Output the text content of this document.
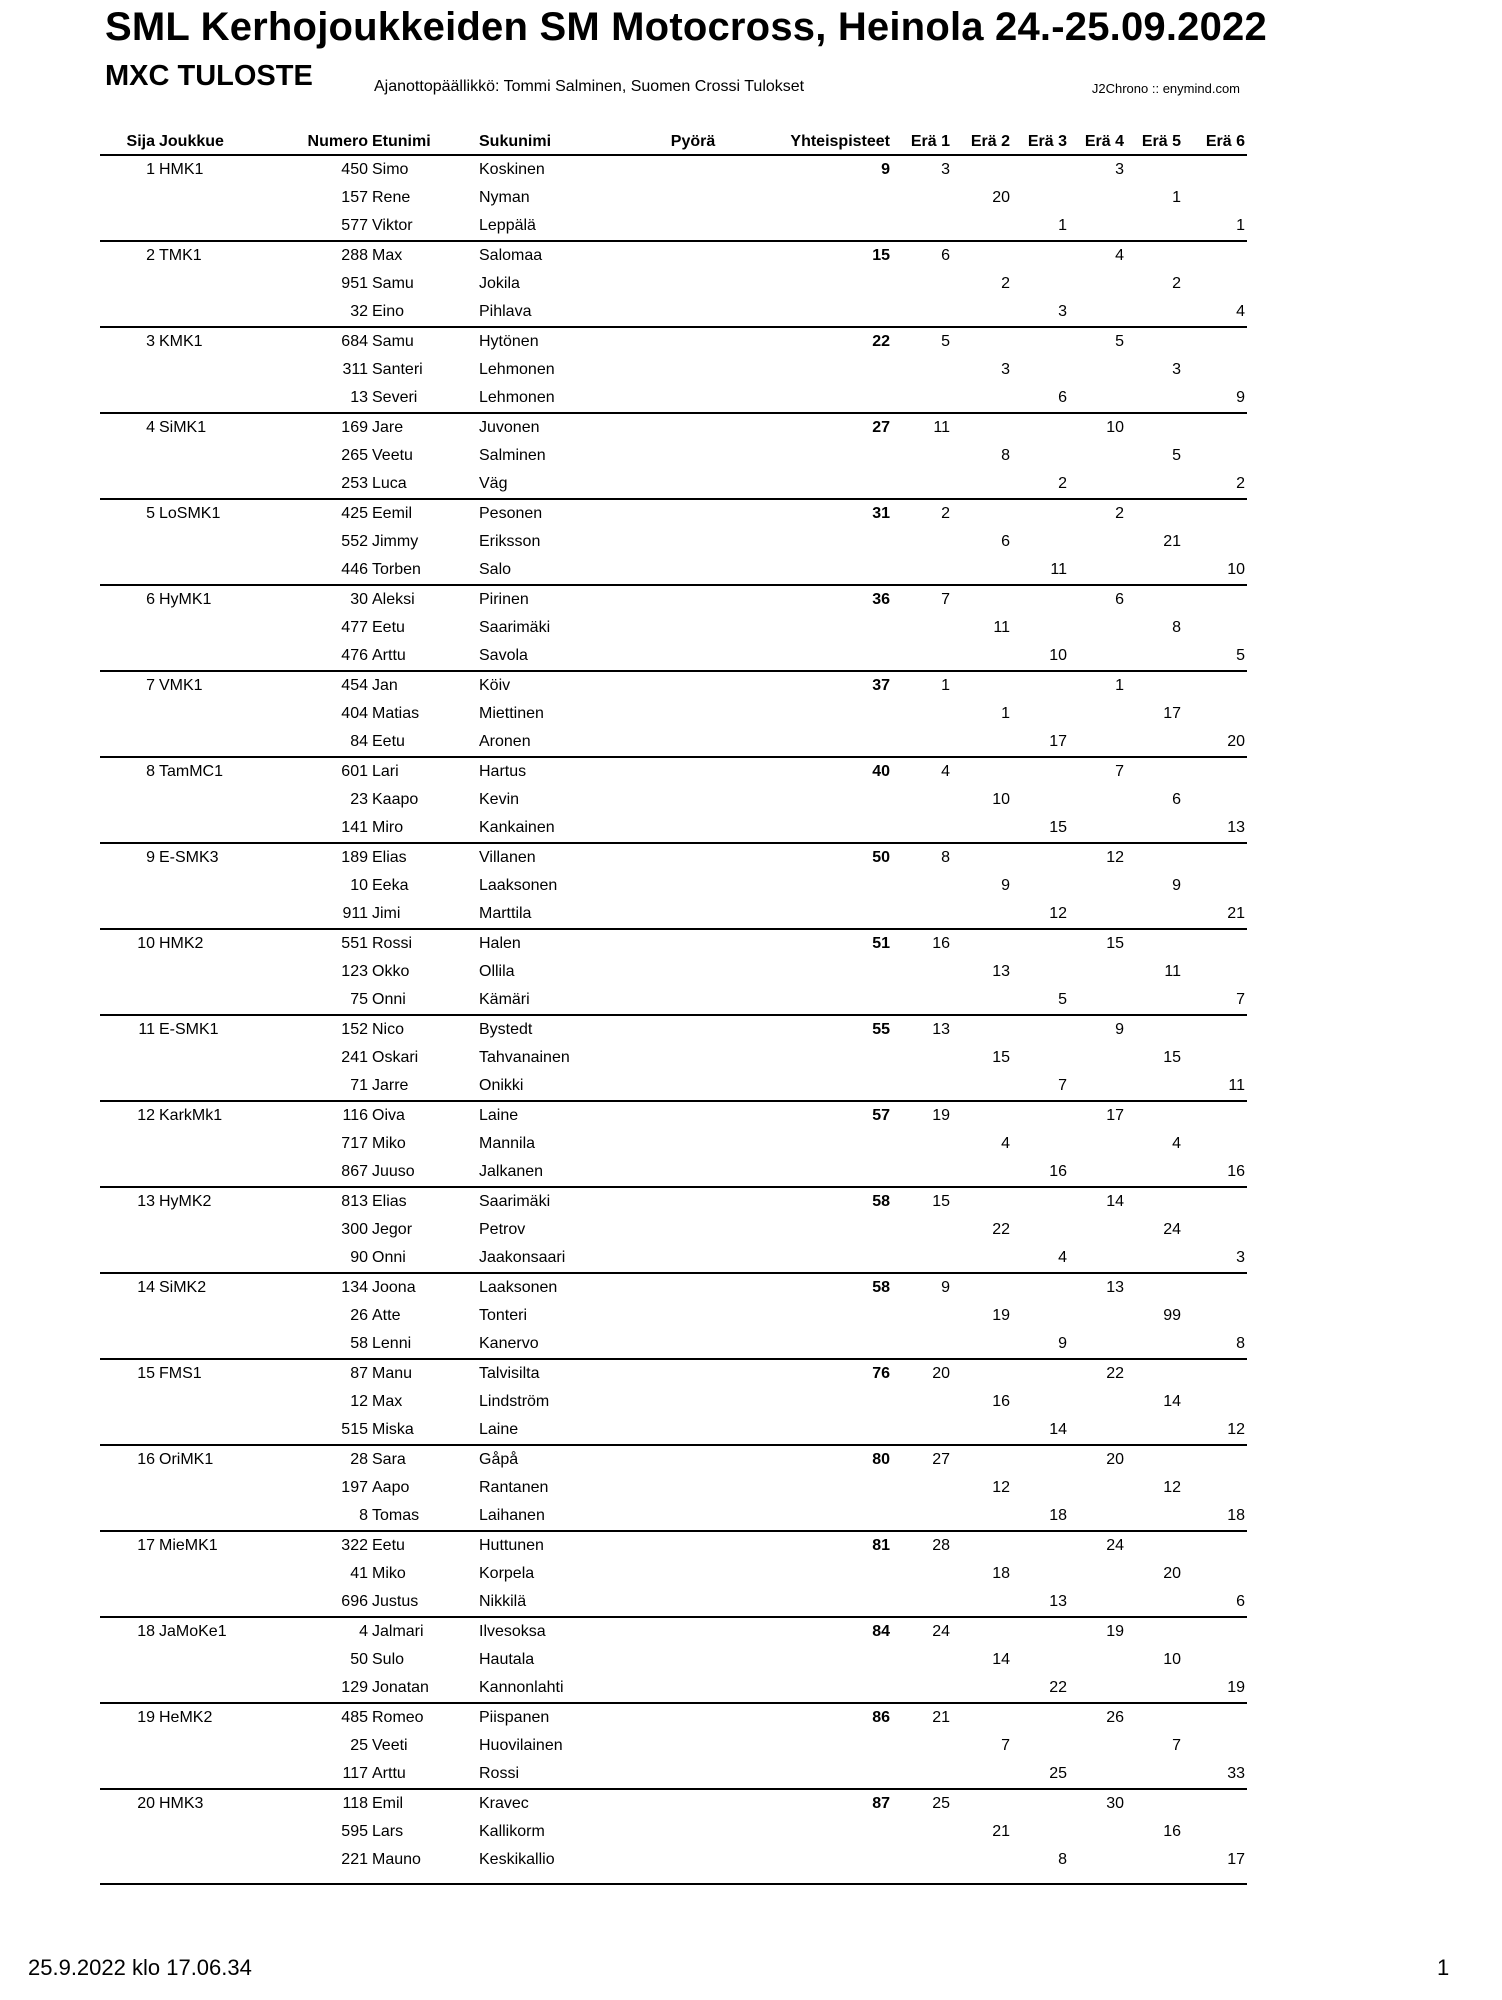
SML Kerhojoukkeiden SM Motocross, Heinola 24.-25.09.2022
MXC TULOSTE	Ajanottopäällikkö: Tommi Salminen, Suomen Crossi Tulokset	J2Chrono :: enymind.com
Sija	Joukkue	Numero	Etunimi	Sukunimi	Pyörä	Yhteispisteet	Erä 1	Erä 2	Erä 3	Erä 4	Erä 5	Erä 6
1	HMK1	450	Simo	Koskinen		9	3			3		
		157	Rene	Nyman				20			1	
		577	Viktor	Leppälä					1			1
2	TMK1	288	Max	Salomaa		15	6			4		
		951	Samu	Jokila				2			2	
		32	Eino	Pihlava					3			4
3	KMK1	684	Samu	Hytönen		22	5			5		
		311	Santeri	Lehmonen				3			3	
		13	Severi	Lehmonen					6			9
4	SiMK1	169	Jare	Juvonen		27	11			10		
		265	Veetu	Salminen				8			5	
		253	Luca	Väg					2			2
5	LoSMK1	425	Eemil	Pesonen		31	2			2		
		552	Jimmy	Eriksson				6			21	
		446	Torben	Salo					11			10
6	HyMK1	30	Aleksi	Pirinen		36	7			6		
		477	Eetu	Saarimäki				11			8	
		476	Arttu	Savola					10			5
7	VMK1	454	Jan	Köiv		37	1			1		
		404	Matias	Miettinen				1			17	
		84	Eetu	Aronen					17			20
8	TamMC1	601	Lari	Hartus		40	4			7		
		23	Kaapo	Kevin				10			6	
		141	Miro	Kankainen					15			13
9	E-SMK3	189	Elias	Villanen		50	8			12		
		10	Eeka	Laaksonen				9			9	
		911	Jimi	Marttila					12			21
10	HMK2	551	Rossi	Halen		51	16			15		
		123	Okko	Ollila				13			11	
		75	Onni	Kämäri					5			7
11	E-SMK1	152	Nico	Bystedt		55	13			9		
		241	Oskari	Tahvanainen				15			15	
		71	Jarre	Onikki					7			11
12	KarkMk1	116	Oiva	Laine		57	19			17		
		717	Miko	Mannila				4			4	
		867	Juuso	Jalkanen					16			16
13	HyMK2	813	Elias	Saarimäki		58	15			14		
		300	Jegor	Petrov				22			24	
		90	Onni	Jaakonsaari					4			3
14	SiMK2	134	Joona	Laaksonen		58	9			13		
		26	Atte	Tonteri				19			99	
		58	Lenni	Kanervo					9			8
15	FMS1	87	Manu	Talvisilta		76	20			22		
		12	Max	Lindström				16			14	
		515	Miska	Laine					14			12
16	OriMK1	28	Sara	Gåpå		80	27			20		
		197	Aapo	Rantanen				12			12	
		8	Tomas	Laihanen					18			18
17	MieMK1	322	Eetu	Huttunen		81	28			24		
		41	Miko	Korpela				18			20	
		696	Justus	Nikkilä					13			6
18	JaMoKe1	4	Jalmari	Ilvesoksa		84	24			19		
		50	Sulo	Hautala				14			10	
		129	Jonatan	Kannonlahti					22			19
19	HeMK2	485	Romeo	Piispanen		86	21			26		
		25	Veeti	Huovilainen				7			7	
		117	Arttu	Rossi					25			33
20	HMK3	118	Emil	Kravec		87	25			30		
		595	Lars	Kallikorm				21			16	
		221	Mauno	Keskikallio					8			17
25.9.2022 klo 17.06.34	1
